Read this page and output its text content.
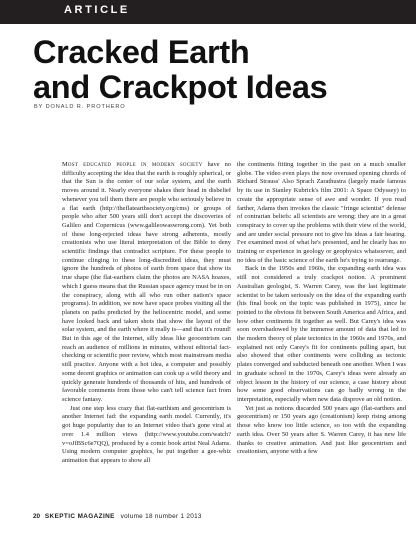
ARTICLE
Cracked Earth
and Crackpot Ideas
BY DONALD R. PROTHERO

Most educated people in modern society have no difficulty accepting the idea that the earth is roughly spherical, or that the Sun is the center of our solar system, and the earth moves around it. Nearly everyone shakes their head in disbelief whenever you tell them there are people who seriously believe in a flat earth (http://theflatearthsociety.org/cms) or groups of people who after 500 years still don't accept the discoveries of Galileo and Copernicus (www.galileowaswrong.com). Yet both of these long-rejected ideas have strong adherents, mostly creationists who use literal interpretation of the Bible to deny scientific findings that contradict scripture. For these people to continue clinging to these long-discredited ideas, they must ignore the hundreds of photos of earth from space that show its true shape (the flat-earthers claim the photos are NASA hoaxes, which I guess means that the Russian space agency must be in on the conspiracy, along with all who run other nation's space programs). In addition, we now have space probes visiting all the planets on paths predicted by the heliocentric model, and some have looked back and taken shots that show the layout of the solar system, and the earth where it really is—and that it's round! But in this age of the Internet, silly ideas like geocentrism can reach an audience of millions in minutes, without editorial fact-checking or scientific peer review, which most mainstream media still practice. Anyone with a hot idea, a computer and possibly some decent graphics or animation can cook up a wild theory and quickly generate hundreds of thousands of hits, and hundreds of favorable comments from those who can't tell science fact from science fantasy.

Just one step less crazy that flat-earthism and geocentrism is another Internet fad: the expanding earth model. Currently, it's got huge popularity due to an Internet video that's gone viral at over 1.4 million views (http://www.youtube.com/watch?v=oJfBSc6e7QQ), produced by a comic book artist Neal Adams. Using modern computer graphics, he put together a gee-whiz animation that appears to show all

the continents fitting together in the past on a much smaller globe. The video even plays the now overused opening chords of Richard Strauss' Also Sprach Zarathustra (largely made famous by its use in Stanley Kubrick's film 2001: A Space Odyssey) to create the appropriate sense of awe and wonder. If you read farther, Adams then invokes the classic "fringe scientist" defense of contrarian beliefs: all scientists are wrong; they are in a great conspiracy to cover up the problems with their view of the world, and are under social pressure not to give his ideas a fair hearing. I've examined most of what he's presented, and he clearly has no training or experience in geology or geophysics whatsoever, and no idea of the basic science of the earth he's trying to rearrange.

Back in the 1950s and 1960s, the expanding earth idea was still not considered a truly crackpot notion. A prominent Australian geologist, S. Warren Carey, was the last legitimate scientist to be taken seriously on the idea of the expanding earth (his final book on the topic was published in 1975), since he pointed to the obvious fit between South America and Africa, and how other continents fit together as well. But Carey's idea was soon overshadowed by the immense amount of data that led to the modern theory of plate tectonics in the 1960s and 1970s, and explained not only Carey's fit for continents pulling apart, but also showed that other continents were colliding as tectonic plates converged and subducted beneath one another. When I was in graduate school in the 1970s, Carey's ideas were already an object lesson in the history of our science, a case history about how some good observations can go badly wrong in the interpretation, especially when new data disprove an old notion.

Yet just as notions discarded 500 years ago (flat-earthers and geocentrism) or 150 years ago (creationism) keep rising among those who know too little science, so too with the expanding earth idea. Over 50 years after S. Warren Carey, it has new life thanks to creative animation. And just like geocentrism and creationism, anyone with a few

20 SKEPTIC MAGAZINE volume 18 number 1 2013
